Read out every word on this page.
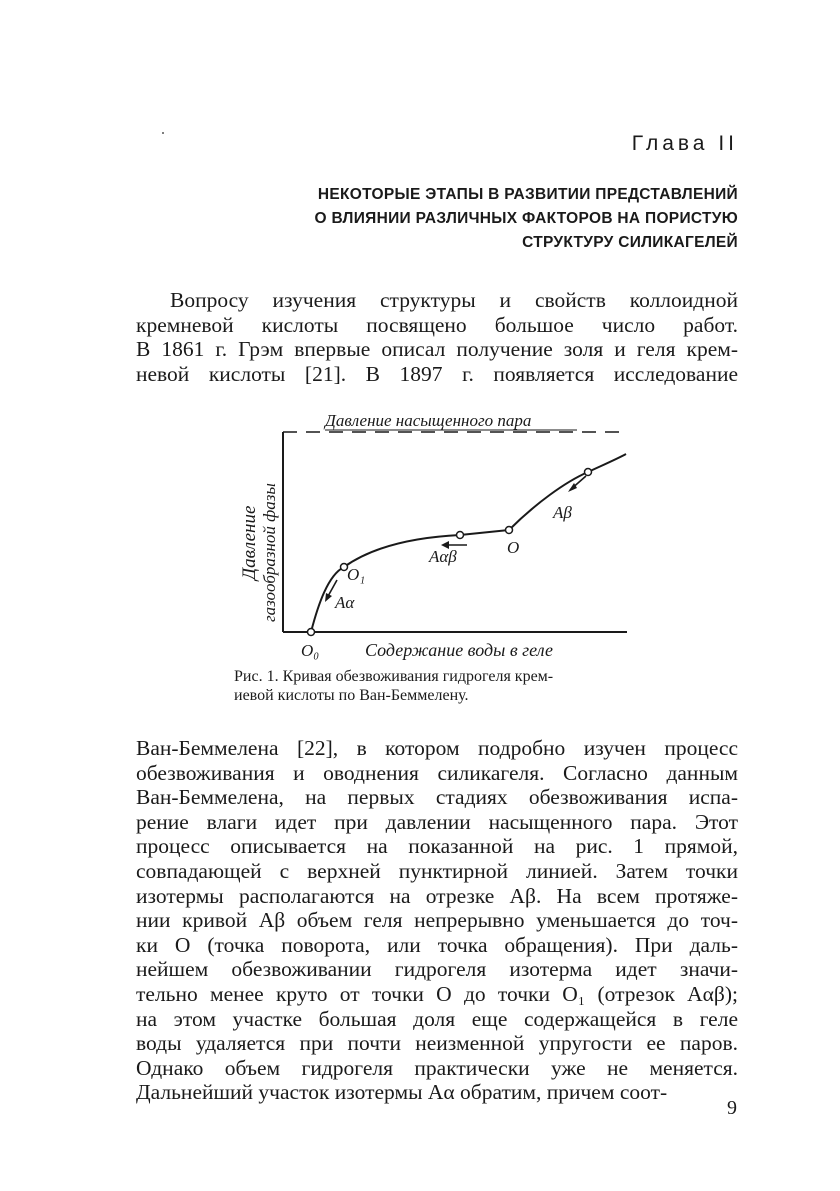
Глава II
НЕКОТОРЫЕ ЭТАПЫ В РАЗВИТИИ ПРЕДСТАВЛЕНИЙ
О ВЛИЯНИИ РАЗЛИЧНЫХ ФАКТОРОВ НА ПОРИСТУЮ
СТРУКТУРУ СИЛИКАГЕЛЕЙ
Вопросу изучения структуры и свойств коллоидной
кремневой кислоты посвящено большое число работ.
В 1861 г. Грэм впервые описал получение золя и геля крем-
невой кислоты [21]. В 1897 г. появляется исследование
Давление насыщенного пара
Давление газообразной фазы
O₀
O₁
O
Aα
Aαβ
Aβ
Содержание воды в геле
Рис. 1. Кривая обезвоживания гидрогеля крем-
иевой кислоты по Ван-Беммелену.
Ван-Беммелена [22], в котором подробно изучен процесс
обезвоживания и оводнения силикагеля. Согласно данным
Ван-Беммелена, на первых стадиях обезвоживания испа-
рение влаги идет при давлении насыщенного пара. Этот
процесс описывается на показанной на рис. 1 прямой,
совпадающей с верхней пунктирной линией. Затем точки
изотермы располагаются на отрезке Aβ. На всем протяже-
нии кривой Aβ объем геля непрерывно уменьшается до точ-
ки O (точка поворота, или точка обращения). При даль-
нейшем обезвоживании гидрогеля изотерма идет значи-
тельно менее круто от точки O до точки O₁ (отрезок Aαβ);
на этом участке большая доля еще содержащейся в геле
воды удаляется при почти неизменной упругости ее паров.
Однако объем гидрогеля практически уже не меняется.
Дальнейший участок изотермы Aα обратим, причем соот-
9
